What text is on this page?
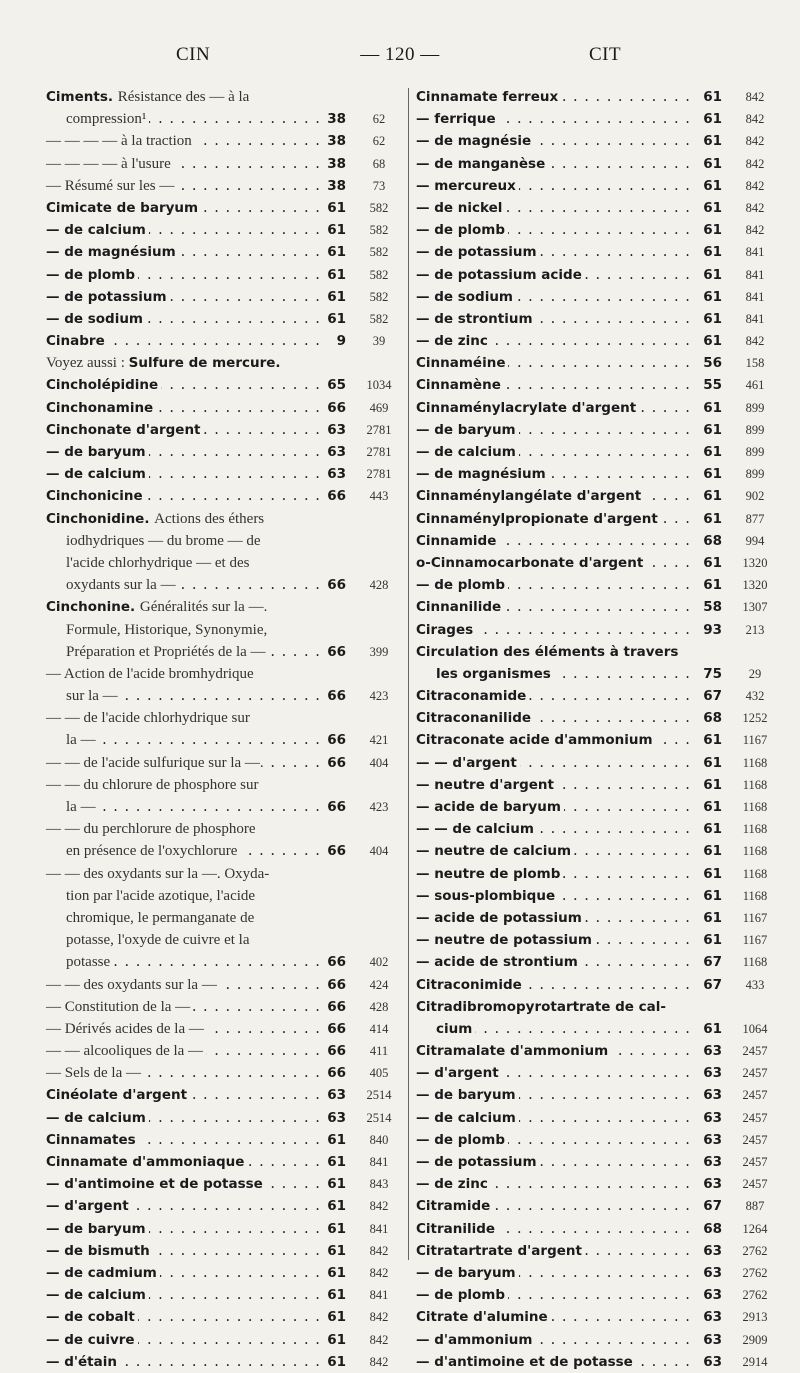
CIN	— 120 —	CIT
Ciments. Résistance des — à la
. . .
compression¹	38	62
. . .
— — — — à la traction	38	62
. . .
— — — — à l'usure	38	68
. . .
— Résumé sur les —	38	73
. . .
Cimicate de baryum	61	582
. . .
— de calcium	61	582
. . .
— de magnésium	61	582
. . .
— de plomb	61	582
. . .
— de potassium	61	582
. . .
— de sodium	61	582
. . .
Cinabre	9	39
Voyez aussi : Sulfure de mercure.
. . .
Cincholépidine	65	1034
. . .
Cinchonamine	66	469
. . .
Cinchonate d'argent	63	2781
. . .
— de baryum	63	2781
. . .
— de calcium	63	2781
. . .
Cinchonicine	66	443
Cinchonidine. Actions des éthers
iodhydriques — du brome — de
l'acide chlorhydrique — et des
. . .
oxydants sur la —	66	428
Cinchonine. Généralités sur la —.
Formule, Historique, Synonymie,
. . .
Préparation et Propriétés de la —	66	399
— Action de l'acide bromhydrique
. . .
sur la —	66	423
— — de l'acide chlorhydrique sur
. . .
la —	66	421
. . .
— — de l'acide sulfurique sur la —.	66	404
— — du chlorure de phosphore sur
. . .
la —	66	423
— — du perchlorure de phosphore
. . .
en présence de l'oxychlorure	66	404
— — des oxydants sur la —. Oxyda-
tion par l'acide azotique, l'acide
chromique, le permanganate de
potasse, l'oxyde de cuivre et la
. . .
potasse	66	402
. . .
— — des oxydants sur la —	66	424
. . .
— Constitution de la —	66	428
. . .
— Dérivés acides de la —	66	414
. . .
— — alcooliques de la —	66	411
. . .
— Sels de la —	66	405
. . .
Cinéolate d'argent	63	2514
. . .
— de calcium	63	2514
. . .
Cinnamates	61	840
. . .
Cinnamate d'ammoniaque	61	841
. . .
— d'antimoine et de potasse	61	843
. . .
— d'argent	61	842
. . .
— de baryum	61	841
. . .
— de bismuth	61	842
. . .
— de cadmium	61	842
. . .
— de calcium	61	841
. . .
— de cobalt	61	842
. . .
— de cuivre	61	842
. . .
— d'étain	61	842
. . .
Cinnamate ferreux	61	842
. . .
— ferrique	61	842
. . .
— de magnésie	61	842
. . .
— de manganèse	61	842
. . .
— mercureux	61	842
. . .
— de nickel	61	842
. . .
— de plomb	61	842
. . .
— de potassium	61	841
. . .
— de potassium acide	61	841
. . .
— de sodium	61	841
. . .
— de strontium	61	841
. . .
— de zinc	61	842
. . .
Cinnaméine	56	158
. . .
Cinnamène	55	461
. . .
Cinnaménylacrylate d'argent	61	899
. . .
— de baryum	61	899
. . .
— de calcium	61	899
. . .
— de magnésium	61	899
. . .
Cinnaménylangélate d'argent	61	902
. . .
Cinnaménylpropionate d'argent	61	877
. . .
Cinnamide	68	994
. . .
o-Cinnamocarbonate d'argent	61	1320
. . .
— de plomb	61	1320
. . .
Cinnanilide	58	1307
. . .
Cirages	93	213
Circulation des éléments à travers
. . .
les organismes	75	29
. . .
Citraconamide	67	432
. . .
Citraconanilide	68	1252
. . .
Citraconate acide d'ammonium	61	1167
. . .
— — d'argent	61	1168
. . .
— neutre d'argent	61	1168
. . .
— acide de baryum	61	1168
. . .
— — de calcium	61	1168
. . .
— neutre de calcium	61	1168
. . .
— neutre de plomb	61	1168
. . .
— sous-plombique	61	1168
. . .
— acide de potassium	61	1167
. . .
— neutre de potassium	61	1167
. . .
— acide de strontium	67	1168
. . .
Citraconimide	67	433
Citradibromopyrotartrate de cal-
. . .
cium	61	1064
. . .
Citramalate d'ammonium	63	2457
. . .
— d'argent	63	2457
. . .
— de baryum	63	2457
. . .
— de calcium	63	2457
. . .
— de plomb	63	2457
. . .
— de potassium	63	2457
. . .
— de zinc	63	2457
. . .
Citramide	67	887
. . .
Citranilide	68	1264
. . .
Citratartrate d'argent	63	2762
. . .
— de baryum	63	2762
. . .
— de plomb	63	2762
. . .
Citrate d'alumine	63	2913
. . .
— d'ammonium	63	2909
. . .
— d'antimoine et de potasse	63	2914
